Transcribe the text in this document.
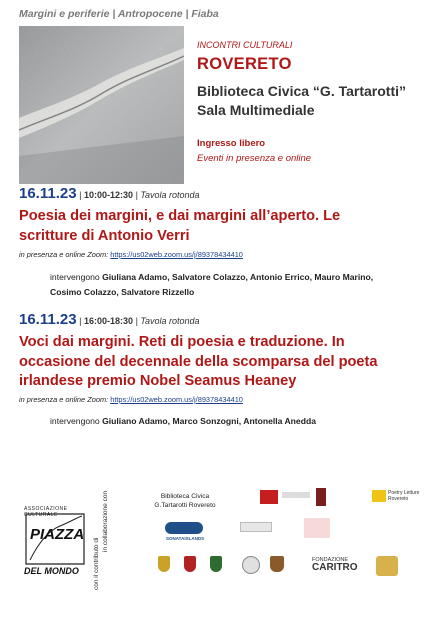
Margini e periferie | Antropocene | Fiaba
INCONTRI CULTURALI
ROVERETO
Biblioteca Civica “G. Tartarotti”
Sala Multimediale
Ingresso libero
Eventi in presenza e online
16.11.23 | 10:00-12:30 | Tavola rotonda
Poesia dei margini, e dai margini all’aperto. Le
scritture di Antonio Verri
in presenza e online Zoom: https://us02web.zoom.us/j/89378434410
intervengono Giuliana Adamo, Salvatore Colazzo, Antonio Errico, Mauro Marino,
Cosimo Colazzo, Salvatore Rizzello
16.11.23 | 16:00-18:30 | Tavola rotonda
Voci dai margini. Reti di poesia e traduzione. In
occasione del decennale della scomparsa del poeta
irlandese premio Nobel Seamus Heaney
in presenza e online Zoom: https://us02web.zoom.us/j/89378434410
intervengono Giuliano Adamo, Marco Sonzogni, Antonella Anedda
ASSOCIAZIONE CULTURALE
PIAZZA
DEL MONDO
in collaborazione con
con il contributo di
Biblioteca Civica
G.Tartarotti Rovereto
Poetry Letture Rovereto
SONATAISLANDS
FONDAZIONE
CARITRO
